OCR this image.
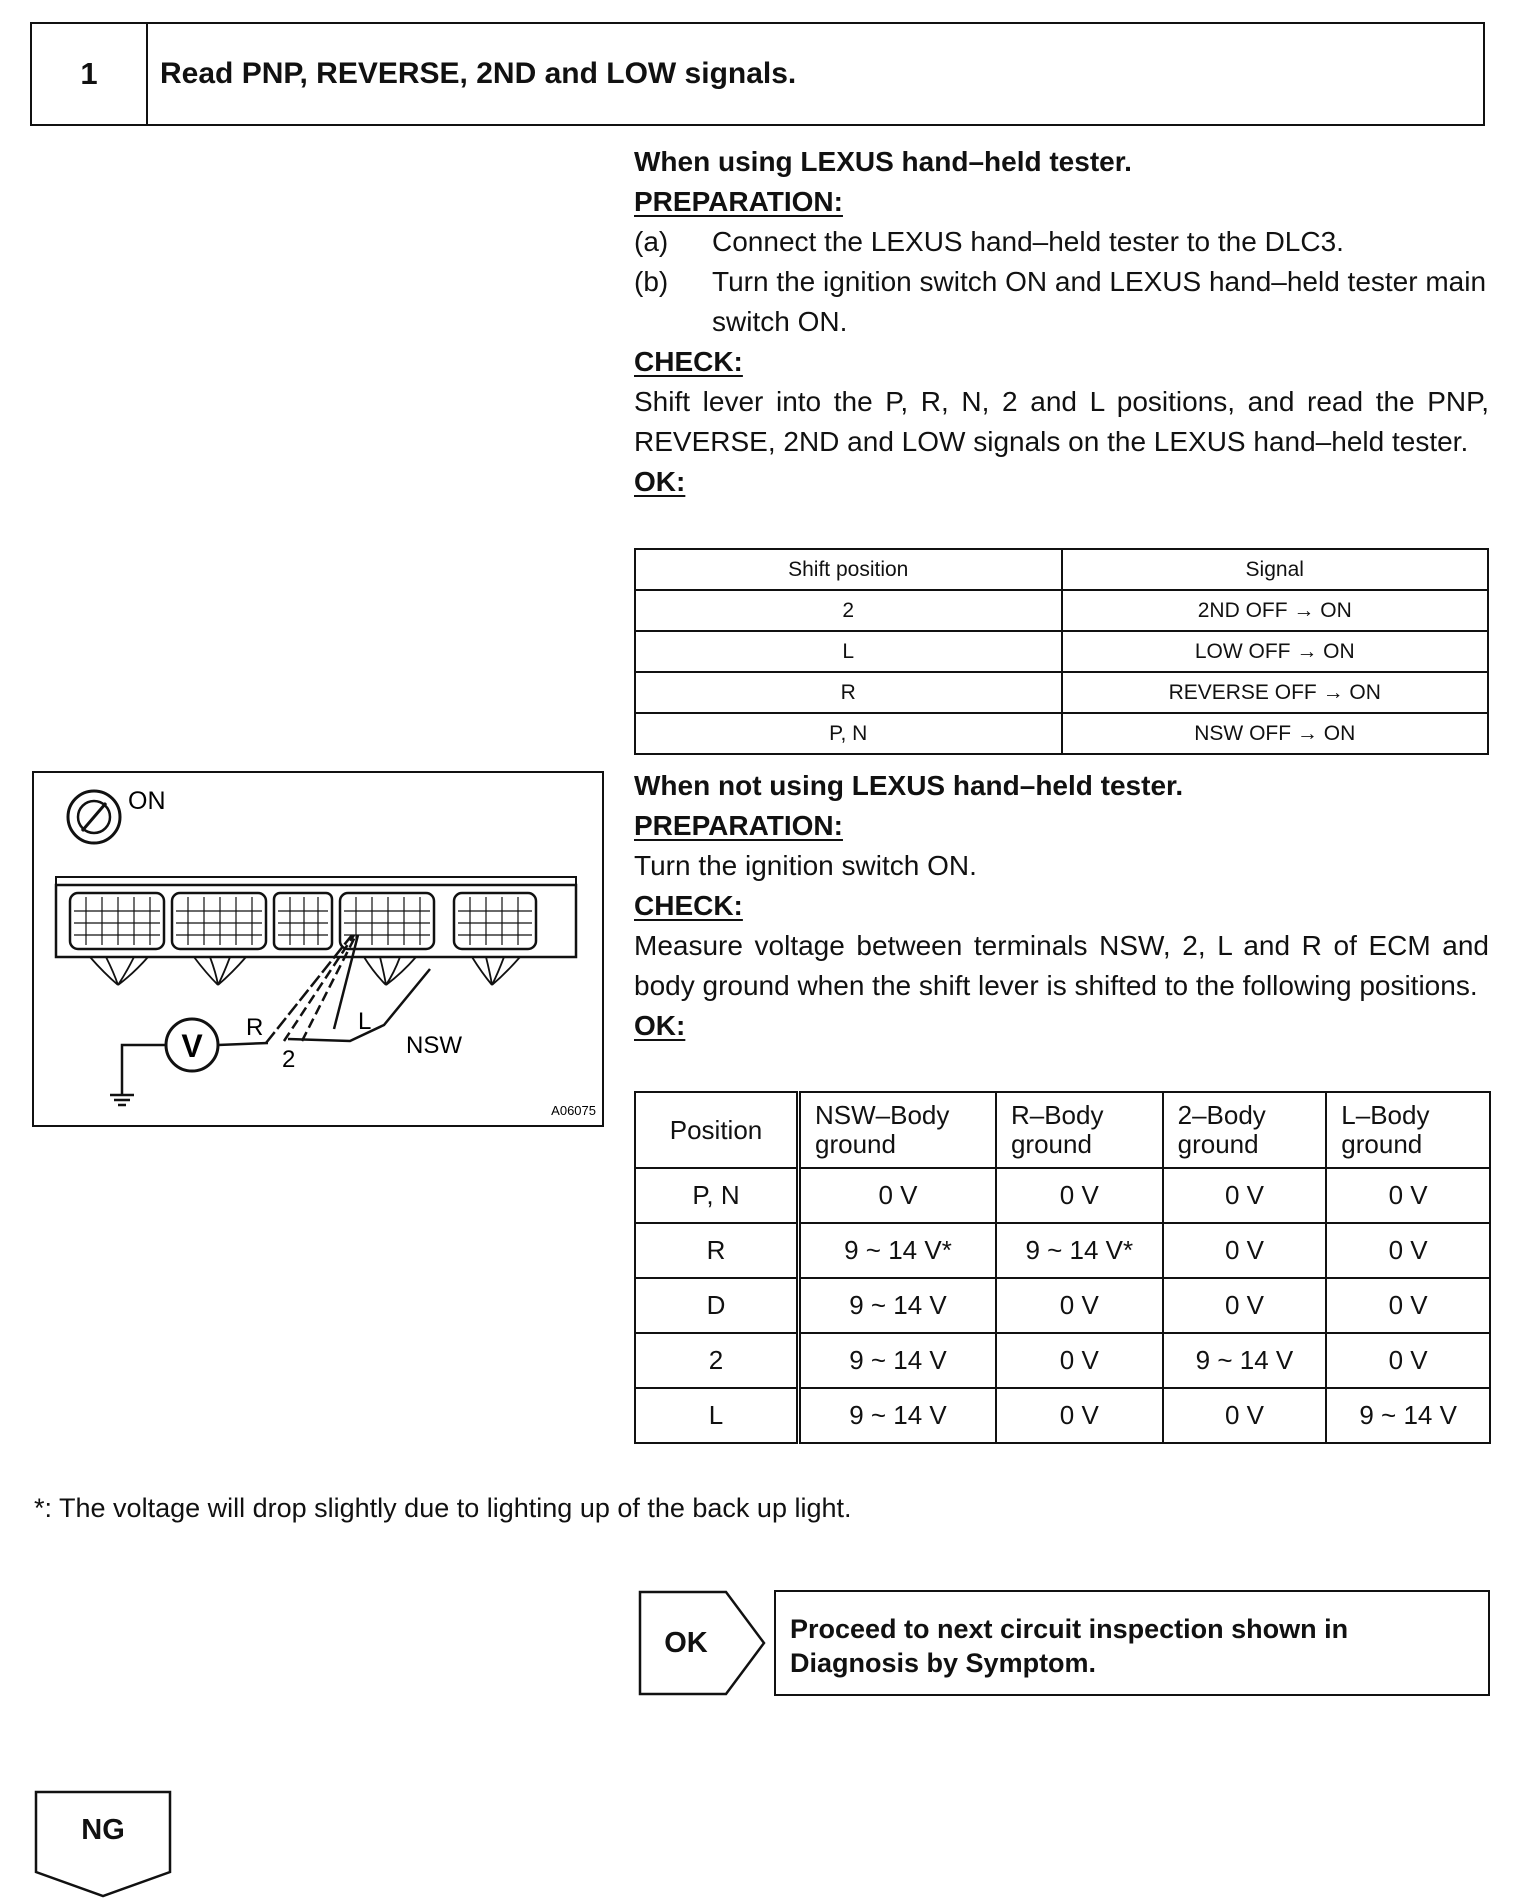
1	Read PNP, REVERSE, 2ND and LOW signals.
When using LEXUS hand–held tester.
PREPARATION:
(a)	Connect the LEXUS hand–held tester to the DLC3.
(b)	Turn the ignition switch ON and LEXUS hand–held tester main switch ON.
CHECK:
Shift lever into the P, R, N, 2 and L positions, and read the PNP, REVERSE, 2ND and LOW signals on the LEXUS hand–held tester.
OK:
Shift position	Signal
2	2ND OFF → ON
L	LOW OFF → ON
R	REVERSE OFF → ON
P, N	NSW OFF → ON
When not using LEXUS hand–held tester.
PREPARATION:
Turn the ignition switch ON.
CHECK:
Measure voltage between terminals NSW, 2, L and R of ECM and body ground when the shift lever is shifted to the following positions.
OK:
Position	NSW–Body ground	R–Body ground	2–Body ground	L–Body ground
P, N	0 V	0 V	0 V	0 V
R	9 ~ 14 V*	9 ~ 14 V*	0 V	0 V
D	9 ~ 14 V	0 V	0 V	0 V
2	9 ~ 14 V	0 V	9 ~ 14 V	0 V
L	9 ~ 14 V	0 V	0 V	9 ~ 14 V
ON
V
R
2
L
NSW
A06075
*: The voltage will drop slightly due to lighting up of the back up light.
OK	Proceed to next circuit inspection shown in Diagnosis by Symptom.
NG
